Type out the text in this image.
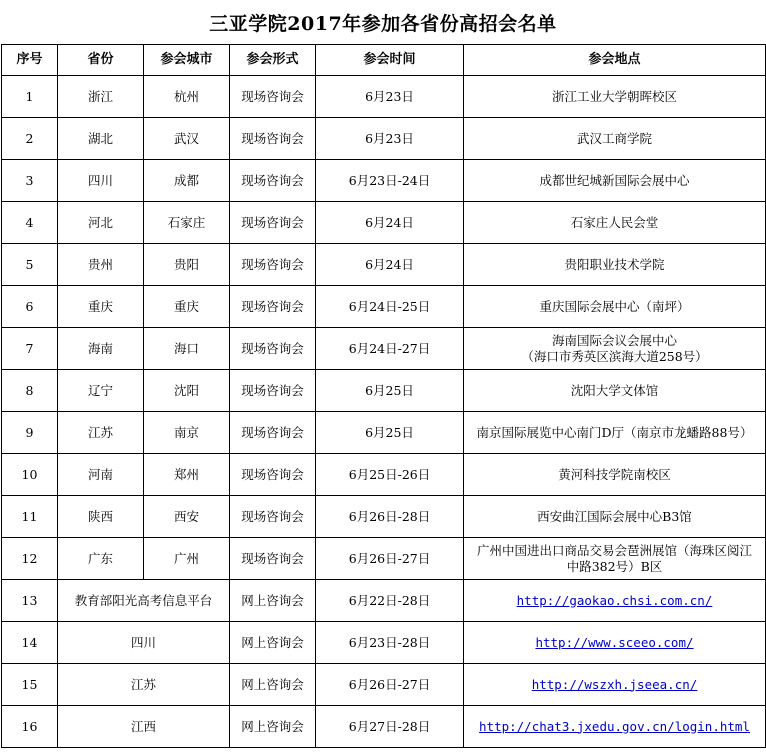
三亚学院2017年参加各省份高招会名单
序号	省份	参会城市	参会形式	参会时间	参会地点
1	浙江	杭州	现场咨询会	6月23日	浙江工业大学朝晖校区

2	湖北	武汉	现场咨询会	6月23日	武汉工商学院

3	四川	成都	现场咨询会	6月23日-24日	成都世纪城新国际会展中心

4	河北	石家庄	现场咨询会	6月24日	石家庄人民会堂

5	贵州	贵阳	现场咨询会	6月24日	贵阳职业技术学院

6	重庆	重庆	现场咨询会	6月24日-25日	重庆国际会展中心（南坪）

7	海南	海口	现场咨询会	6月24日-27日	海南国际会议会展中心
（海口市秀英区滨海大道258号）

8	辽宁	沈阳	现场咨询会	6月25日	沈阳大学文体馆

9	江苏	南京	现场咨询会	6月25日	南京国际展览中心南门D厅（南京市龙蟠路88号）

10	河南	郑州	现场咨询会	6月25日-26日	黄河科技学院南校区

11	陕西	西安	现场咨询会	6月26日-28日	西安曲江国际会展中心B3馆

12	广东	广州	现场咨询会	6月26日-27日	广州中国进出口商品交易会琶洲展馆（海珠区阅江
中路382号）B区

13	教育部阳光高考信息平台		网上咨询会	6月22日-28日	http://gaokao.chsi.com.cn/
14	四川		网上咨询会	6月23日-28日	http://www.sceeo.com/
15	江苏		网上咨询会	6月26日-27日	http://wszxh.jseea.cn/
16	江西		网上咨询会	6月27日-28日	http://chat3.jxedu.gov.cn/login.html
